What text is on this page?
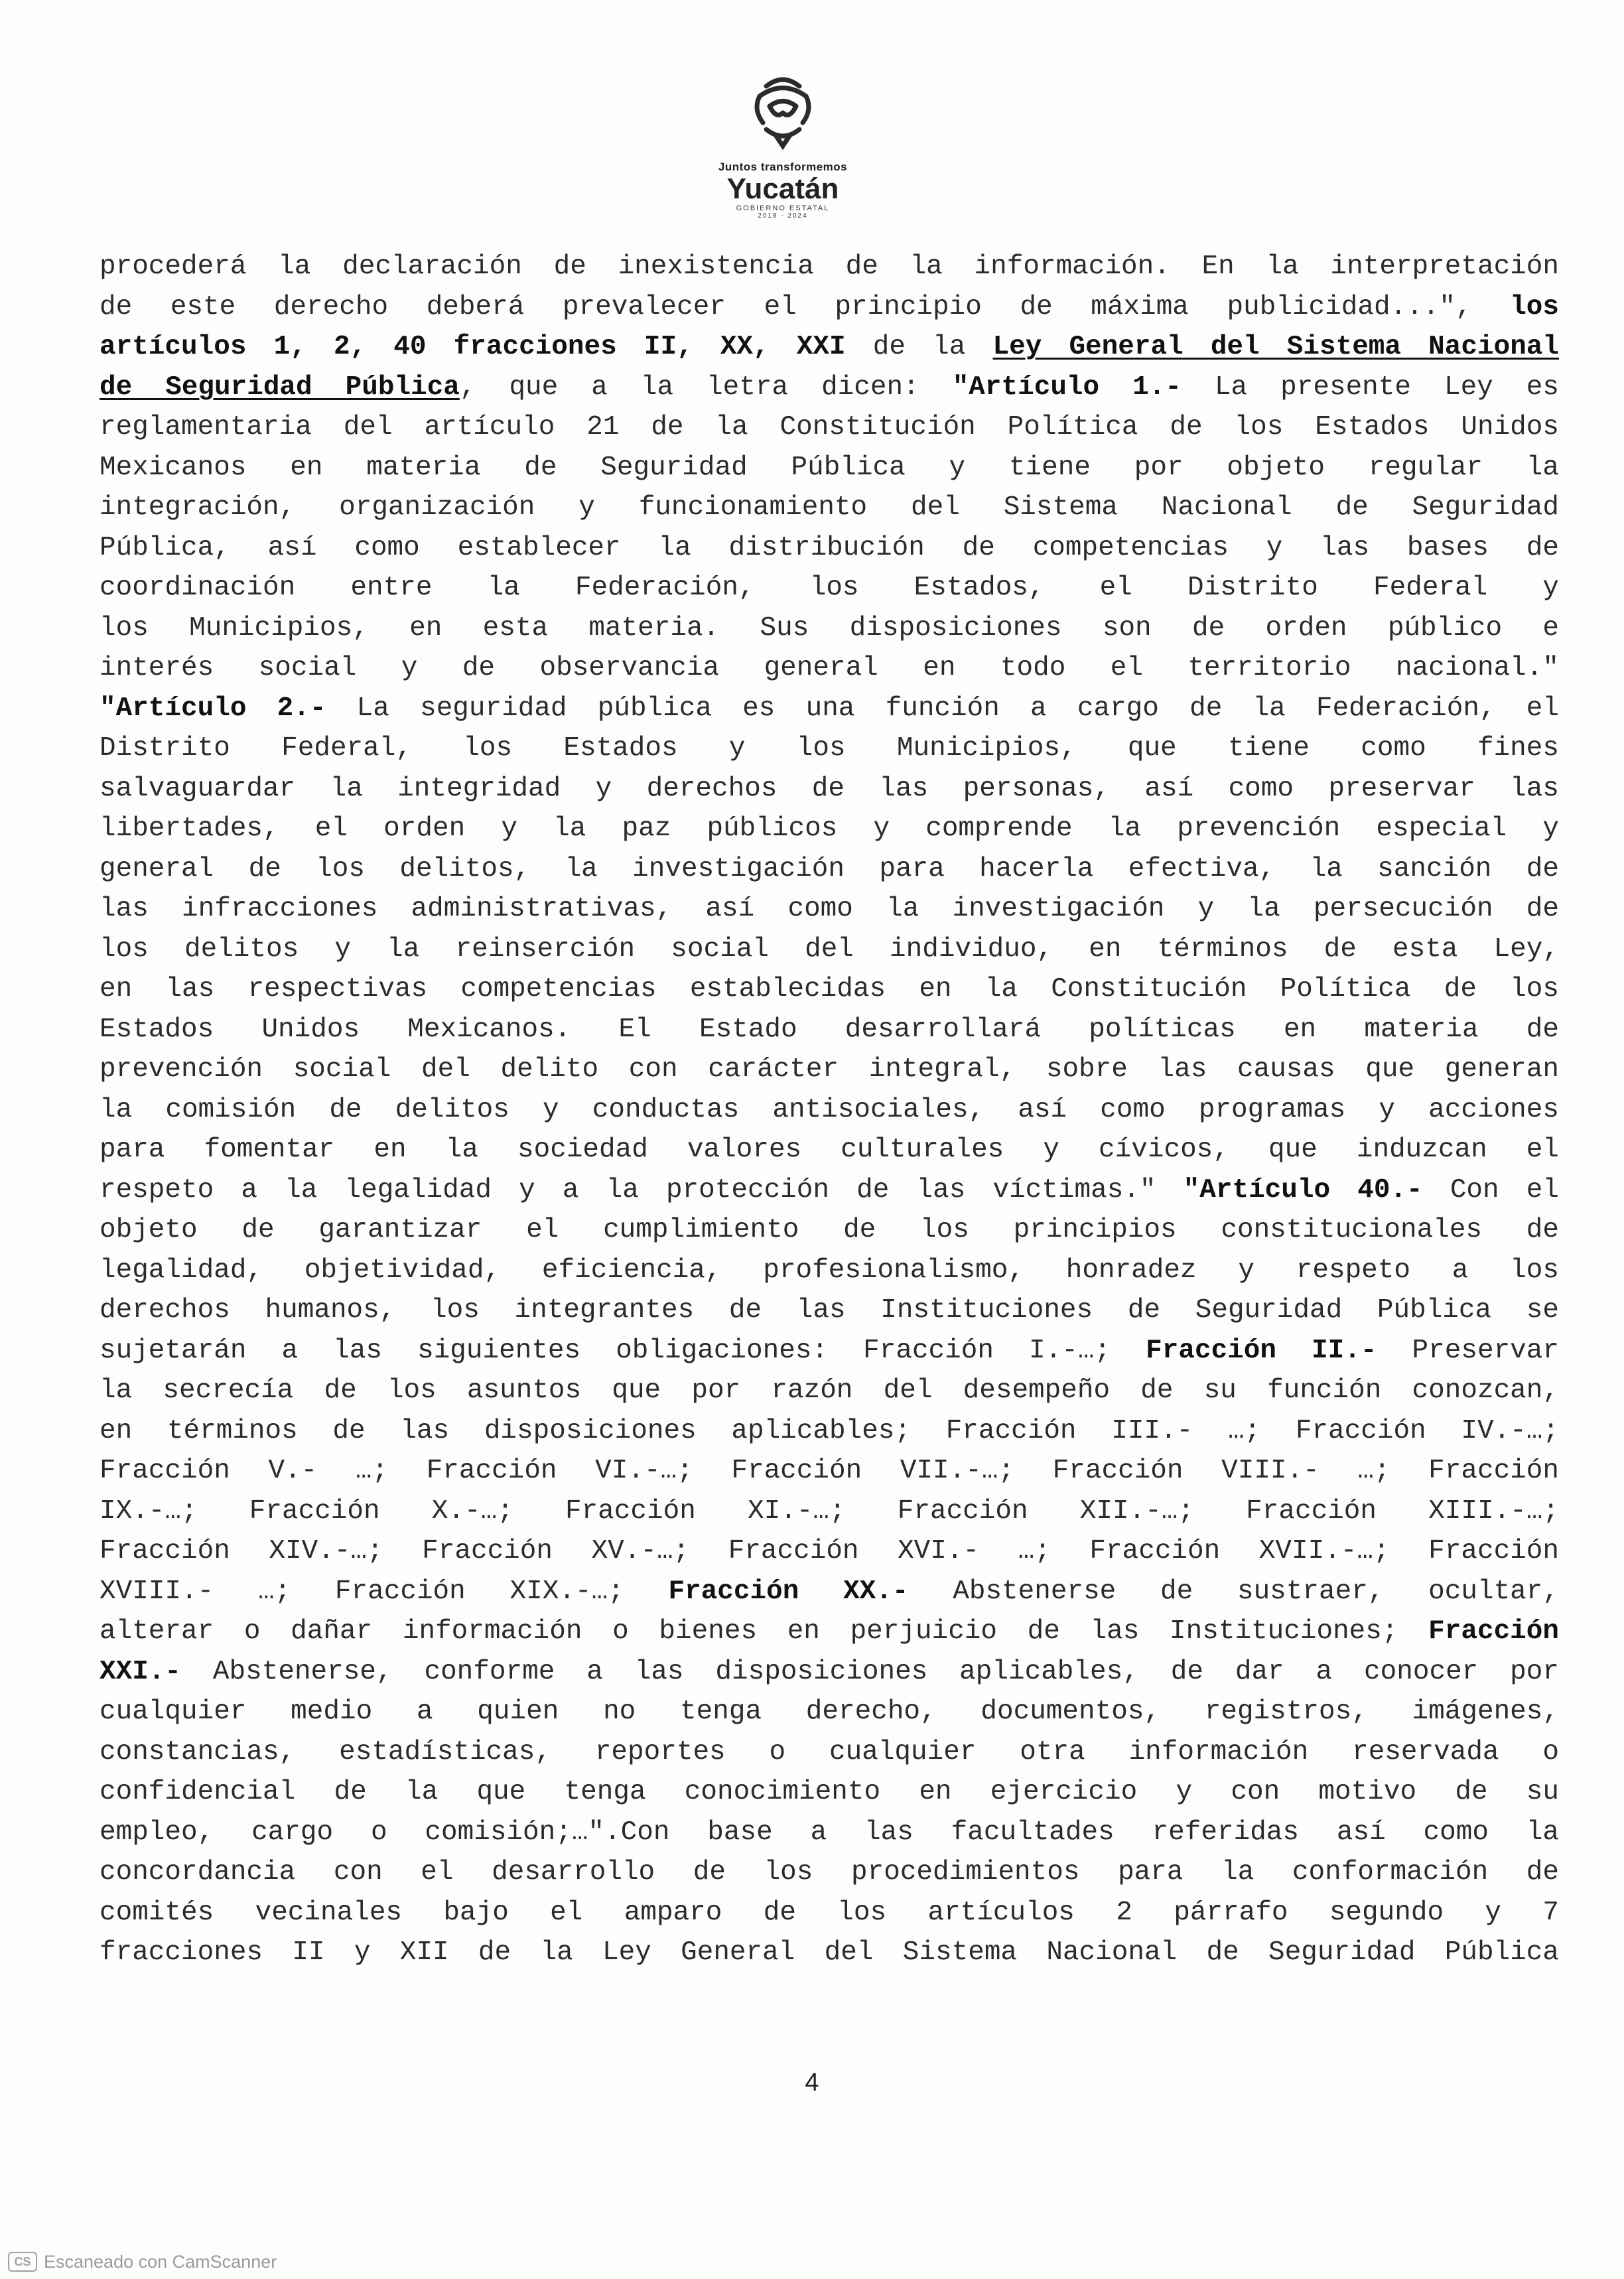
Juntos transformemos
Yucatán
GOBIERNO ESTATAL
2018 - 2024
procederá la declaración de inexistencia de la información. En la interpretación
de este derecho deberá prevalecer el principio de máxima publicidad...", los
artículos 1, 2, 40 fracciones II, XX, XXI de la Ley General del Sistema Nacional
de Seguridad Pública, que a la letra dicen: "Artículo 1.- La presente Ley es
reglamentaria del artículo 21 de la Constitución Política de los Estados Unidos
Mexicanos en materia de Seguridad Pública y tiene por objeto regular la
integración, organización y funcionamiento del Sistema Nacional de Seguridad
Pública, así como establecer la distribución de competencias y las bases de
coordinación entre la Federación, los Estados, el Distrito Federal y
los Municipios, en esta materia. Sus disposiciones son de orden público e
interés social y de observancia general en todo el territorio nacional."
"Artículo 2.- La seguridad pública es una función a cargo de la Federación, el
Distrito Federal, los Estados y los Municipios, que tiene como fines
salvaguardar la integridad y derechos de las personas, así como preservar las
libertades, el orden y la paz públicos y comprende la prevención especial y
general de los delitos, la investigación para hacerla efectiva, la sanción de
las infracciones administrativas, así como la investigación y la persecución de
los delitos y la reinserción social del individuo, en términos de esta Ley,
en las respectivas competencias establecidas en la Constitución Política de los
Estados Unidos Mexicanos. El Estado desarrollará políticas en materia de
prevención social del delito con carácter integral, sobre las causas que generan
la comisión de delitos y conductas antisociales, así como programas y acciones
para fomentar en la sociedad valores culturales y cívicos, que induzcan el
respeto a la legalidad y a la protección de las víctimas." "Artículo 40.- Con el
objeto de garantizar el cumplimiento de los principios constitucionales de
legalidad, objetividad, eficiencia, profesionalismo, honradez y respeto a los
derechos humanos, los integrantes de las Instituciones de Seguridad Pública se
sujetarán a las siguientes obligaciones: Fracción I.-…; Fracción II.- Preservar
la secrecía de los asuntos que por razón del desempeño de su función conozcan,
en términos de las disposiciones aplicables; Fracción III.- …; Fracción IV.-…;
Fracción V.- …; Fracción VI.-…; Fracción VII.-…; Fracción VIII.- …; Fracción
IX.-…; Fracción X.-…; Fracción XI.-…; Fracción XII.-…; Fracción XIII.-…;
Fracción XIV.-…; Fracción XV.-…; Fracción XVI.- …; Fracción XVII.-…; Fracción
XVIII.- …; Fracción XIX.-…; Fracción XX.- Abstenerse de sustraer, ocultar,
alterar o dañar información o bienes en perjuicio de las Instituciones; Fracción
XXI.- Abstenerse, conforme a las disposiciones aplicables, de dar a conocer por
cualquier medio a quien no tenga derecho, documentos, registros, imágenes,
constancias, estadísticas, reportes o cualquier otra información reservada o
confidencial de la que tenga conocimiento en ejercicio y con motivo de su
empleo, cargo o comisión;…".Con base a las facultades referidas así como la
concordancia con el desarrollo de los procedimientos para la conformación de
comités vecinales bajo el amparo de los artículos 2 párrafo segundo y 7
fracciones II y XII de la Ley General del Sistema Nacional de Seguridad Pública
4
CS Escaneado con CamScanner
